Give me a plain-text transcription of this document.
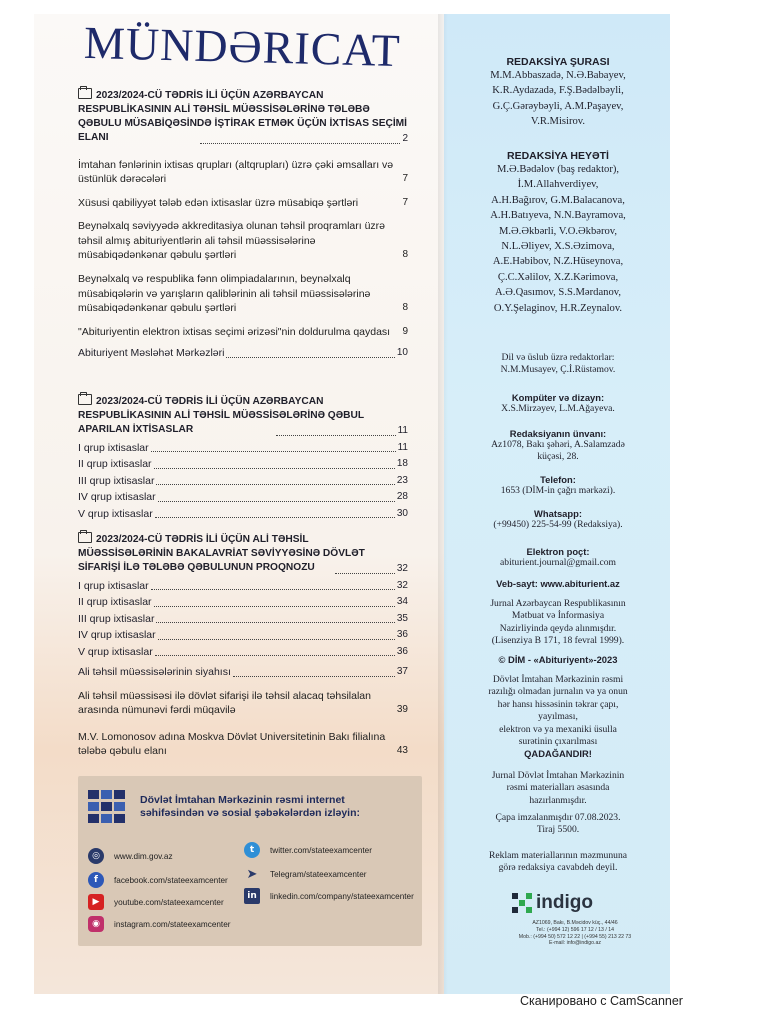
MÜNDƏRICAT
2023/2024-CÜ TƏDRİS İLİ ÜÇÜN AZƏRBAYCAN RESPUBLİKASININ ALİ TƏHSİL MÜƏSSİSƏLƏRİNƏ TƏLƏBƏ QƏBULU MÜSABİQƏSİNDƏ İŞTİRAK ETMƏK ÜÇÜN İXTİSAS SEÇİMİ ELANI	2
İmtahan fənlərinin ixtisas qrupları (altqrupları) üzrə çəki əmsalları və üstünlük dərəcələri	7
Xüsusi qabiliyyət tələb edən ixtisaslar üzrə müsabiqə şərtləri	7
Beynəlxalq səviyyədə akkreditasiya olunan təhsil proqramları üzrə təhsil almış abituriyentlərin ali təhsil müəssisələrinə müsabiqədənkənar qəbulu şərtləri	8
Beynəlxalq və respublika fənn olimpiadalarının, beynəlxalq müsabiqələrin və yarışların qaliblərinin ali təhsil müəssisələrinə müsabiqədənkənar qəbulu şərtləri	8
"Abituriyentin elektron ixtisas seçimi ərizəsi"nin doldurulma qaydası 9
Abituriyent Məsləhət Mərkəzləri	10
2023/2024-CÜ TƏDRİS İLİ ÜÇÜN AZƏRBAYCAN RESPUBLİKASININ ALİ TƏHSİL MÜƏSSİSƏLƏRİNƏ QƏBUL APARILAN İXTİSASLAR	11
I qrup ixtisaslar	11
II qrup ixtisaslar	18
III qrup ixtisaslar	23
IV qrup ixtisaslar	28
V qrup ixtisaslar	30
2023/2024-CÜ TƏDRİS İLİ ÜÇÜN ALİ TƏHSİL MÜƏSSİSƏLƏRİNİN BAKALAVRİAT SƏVİYYƏSİNƏ DÖVLƏT SİFARİŞİ İLƏ TƏLƏBƏ QƏBULUNUN PROQNOZU	32
I qrup ixtisaslar	32
II qrup ixtisaslar	34
III qrup ixtisaslar	35
IV qrup ixtisaslar	36
V qrup ixtisaslar	36
Ali təhsil müəssisələrinin siyahısı	37
Ali təhsil müəssisəsi ilə dövlət sifarişi ilə təhsil alacaq təhsilalan arasında nümunəvi fərdi müqavilə	39
M.V. Lomonosov adına Moskva Dövlət Universitetinin Bakı filialına tələbə qəbulu elanı	43
Dövlət İmtahan Mərkəzinin rəsmi internet səhifəsindən və sosial şəbəkələrdən izləyin:
◎	www.dim.gov.az
f	facebook.com/stateexamcenter
▶	youtube.com/stateexamcenter
◉	instagram.com/stateexamcenter
t	twitter.com/stateexamcenter
➤	Telegram/stateexamcenter
in	linkedin.com/company/stateexamcenter
REDAKSİYA ŞURASI
M.M.Abbaszadə, N.Ə.Babayev,
K.R.Aydazadə, F.Ş.Bədəlbəyli,
G.Ç.Gərəybəyli, A.M.Paşayev,
V.R.Misirov.
REDAKSİYA HEYƏTİ
M.Ə.Bədəlov (baş redaktor),
İ.M.Allahverdiyev,
A.H.Bağırov, G.M.Balacanova,
A.H.Batıyeva, N.N.Bayramova,
M.Ə.Əkbərli, V.O.Əkbərov,
N.L.Əliyev, X.S.Əzimova,
A.E.Həbibov, N.Z.Hüseynova,
Ç.C.Xəlilov, X.Z.Kərimova,
A.Ə.Qasımov, S.S.Mərdanov,
O.Y.Şelaginov, H.R.Zeynalov.
Dil və üslub üzrə redaktorlar:
N.M.Musayev, Ç.İ.Rüstəmov.
Kompüter və dizayn:
X.S.Mirzəyev, L.M.Ağayeva.
Redaksiyanın ünvanı:
Az1078, Bakı şəhəri, A.Salamzadə
küçəsi, 28.
Telefon:
1653 (DİM-in çağrı mərkəzi).
Whatsapp:
(+99450) 225-54-99 (Redaksiya).
Elektron poçt:
abiturient.journal@gmail.com
Veb-sayt: www.abiturient.az
Jurnal Azərbaycan Respublikasının
Mətbuat və İnformasiya
Nazirliyində qeydə alınmışdır.
(Lisenziya B 171, 18 fevral 1999).
© DİM - «Abituriyent»-2023
Dövlət İmtahan Mərkəzinin rəsmi
razılığı olmadan jurnalın və ya onun
hər hansı hissəsinin təkrar çapı,
yayılması,
elektron və ya mexaniki üsulla
surətinin çıxarılması
QADAĞANDIR!
Jurnal Dövlət İmtahan Mərkəzinin
rəsmi materialları əsasında
hazırlanmışdır.
Çapa imzalanmışdır 07.08.2023.
Tiraj 5500.
Reklam materiallarının məzmununa
görə redaksiya cavabdeh deyil.
indigo
AZ1069, Bakı, B.Məcidov küç., 44/46
Tel.: (+994 12) 596 17 12 / 13 / 14
Mob.: (+994 50) 572 12 22 | (+994 55) 213 22 73
E-mail: info@indigo.az
Сканировано с CamScanner
